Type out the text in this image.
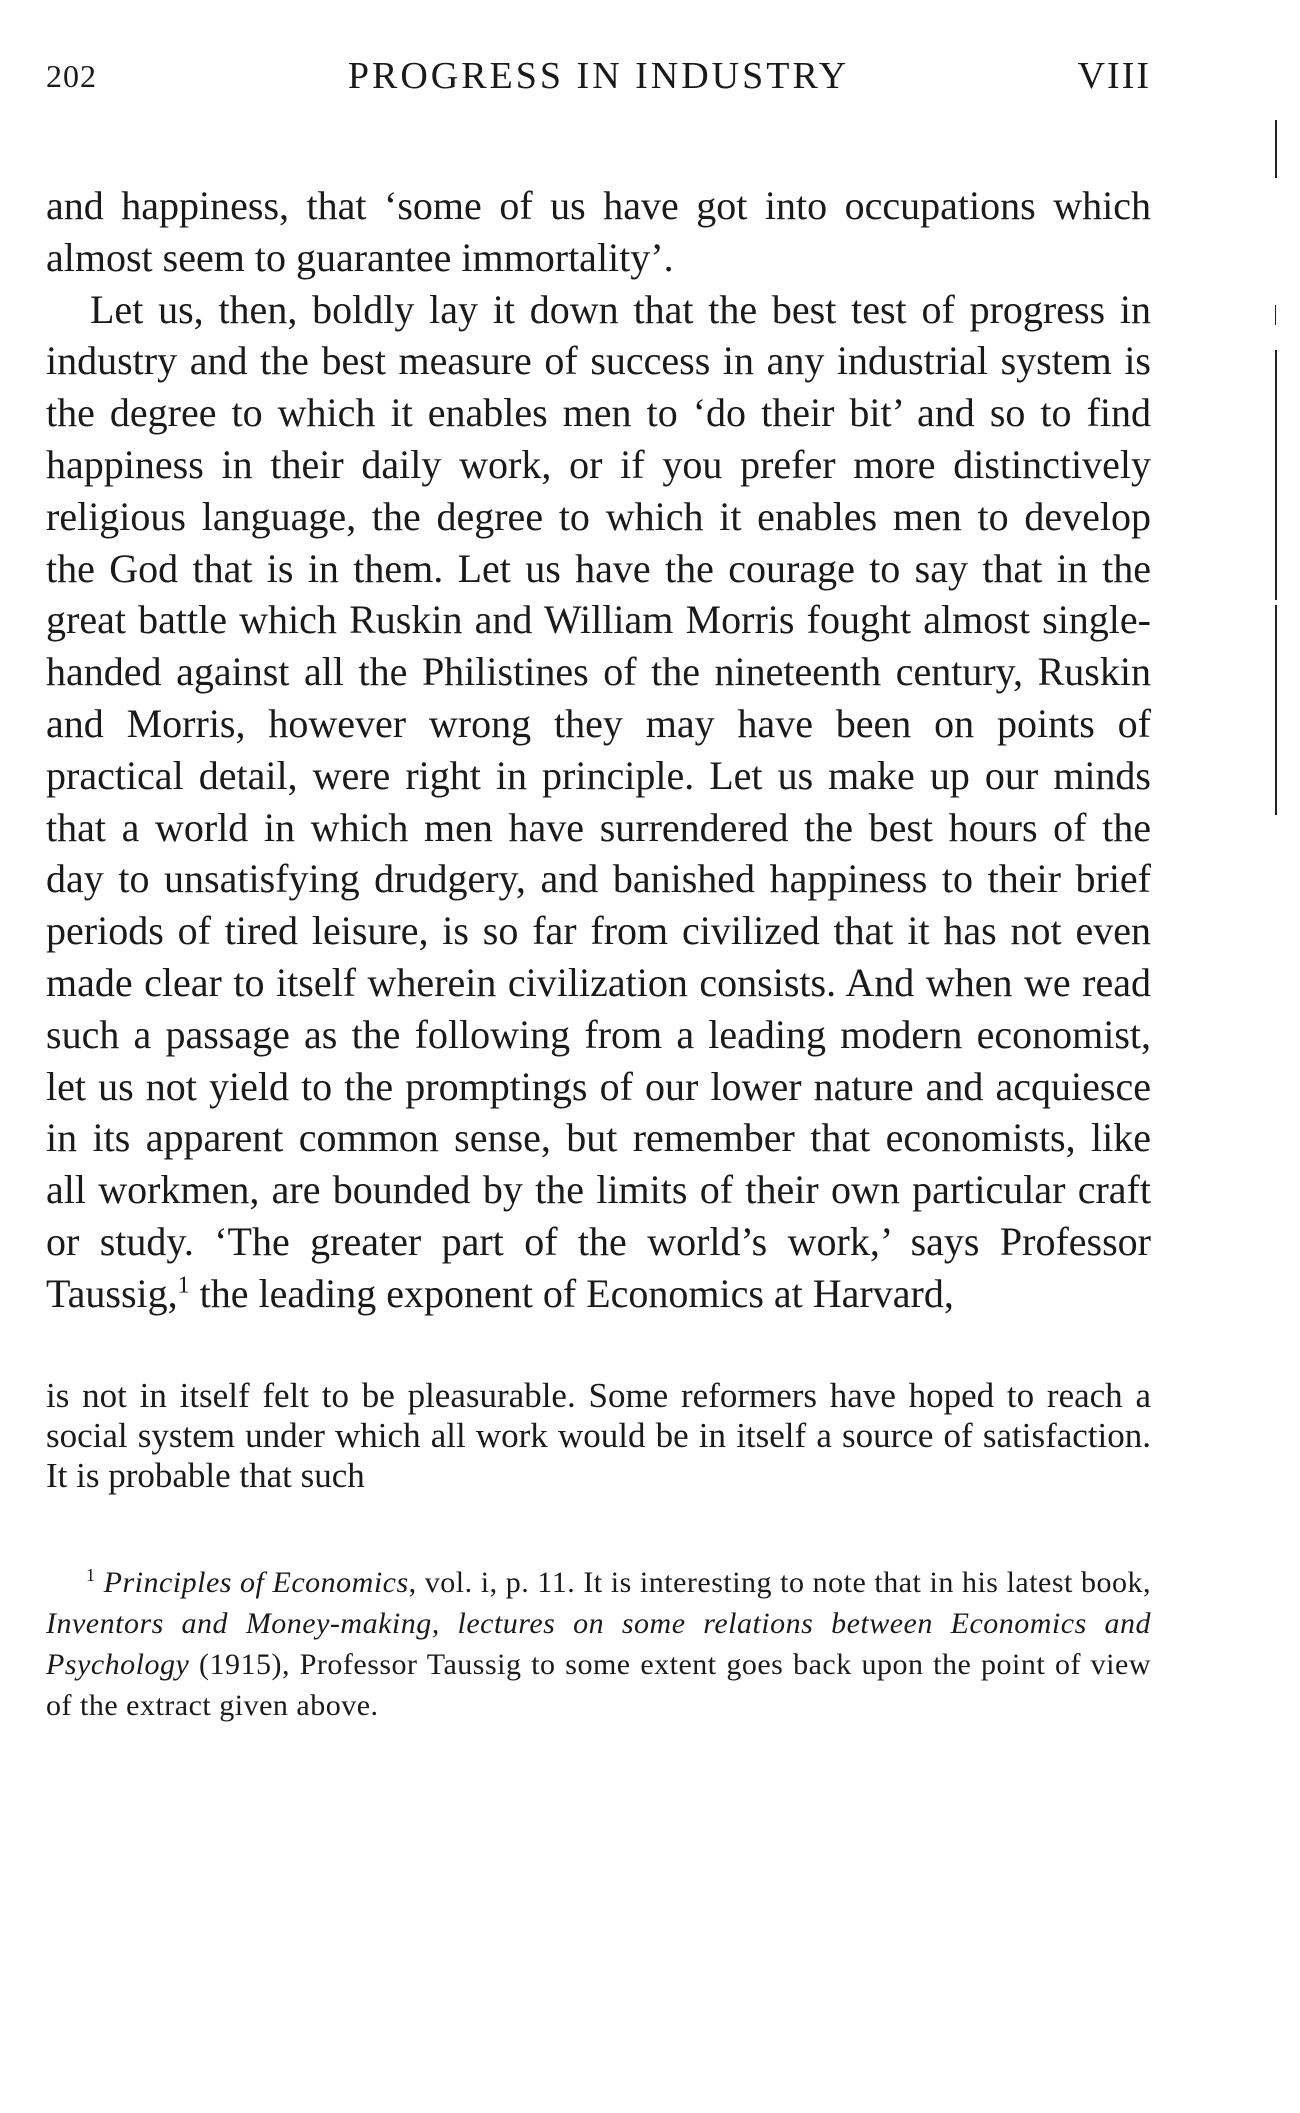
202	PROGRESS IN INDUSTRY	VIII

and happiness, that ‘some of us have got into occupations which almost seem to guarantee immortality’.

Let us, then, boldly lay it down that the best test of progress in industry and the best measure of success in any industrial system is the degree to which it enables men to ‘do their bit’ and so to find happiness in their daily work, or if you prefer more distinctively religious language, the degree to which it enables men to develop the God that is in them. Let us have the courage to say that in the great battle which Ruskin and William Morris fought almost single-handed against all the Philistines of the nineteenth century, Ruskin and Morris, however wrong they may have been on points of practical detail, were right in principle. Let us make up our minds that a world in which men have surrendered the best hours of the day to unsatisfying drudgery, and banished happiness to their brief periods of tired leisure, is so far from civilized that it has not even made clear to itself wherein civilization consists. And when we read such a passage as the following from a leading modern economist, let us not yield to the promptings of our lower nature and acquiesce in its apparent common sense, but remember that economists, like all workmen, are bounded by the limits of their own particular craft or study. ‘The greater part of the world’s work,’ says Professor Taussig,$^1$ the leading exponent of Economics at Harvard,

is not in itself felt to be pleasurable. Some reformers have hoped to reach a social system under which all work would be in itself a source of satisfaction. It is probable that such

$^1$ Principles of Economics, vol. i, p. 11. It is interesting to note that in his latest book, Inventors and Money-making, lectures on some relations between Economics and Psychology (1915), Professor Taussig to some extent goes back upon the point of view of the extract given above.
